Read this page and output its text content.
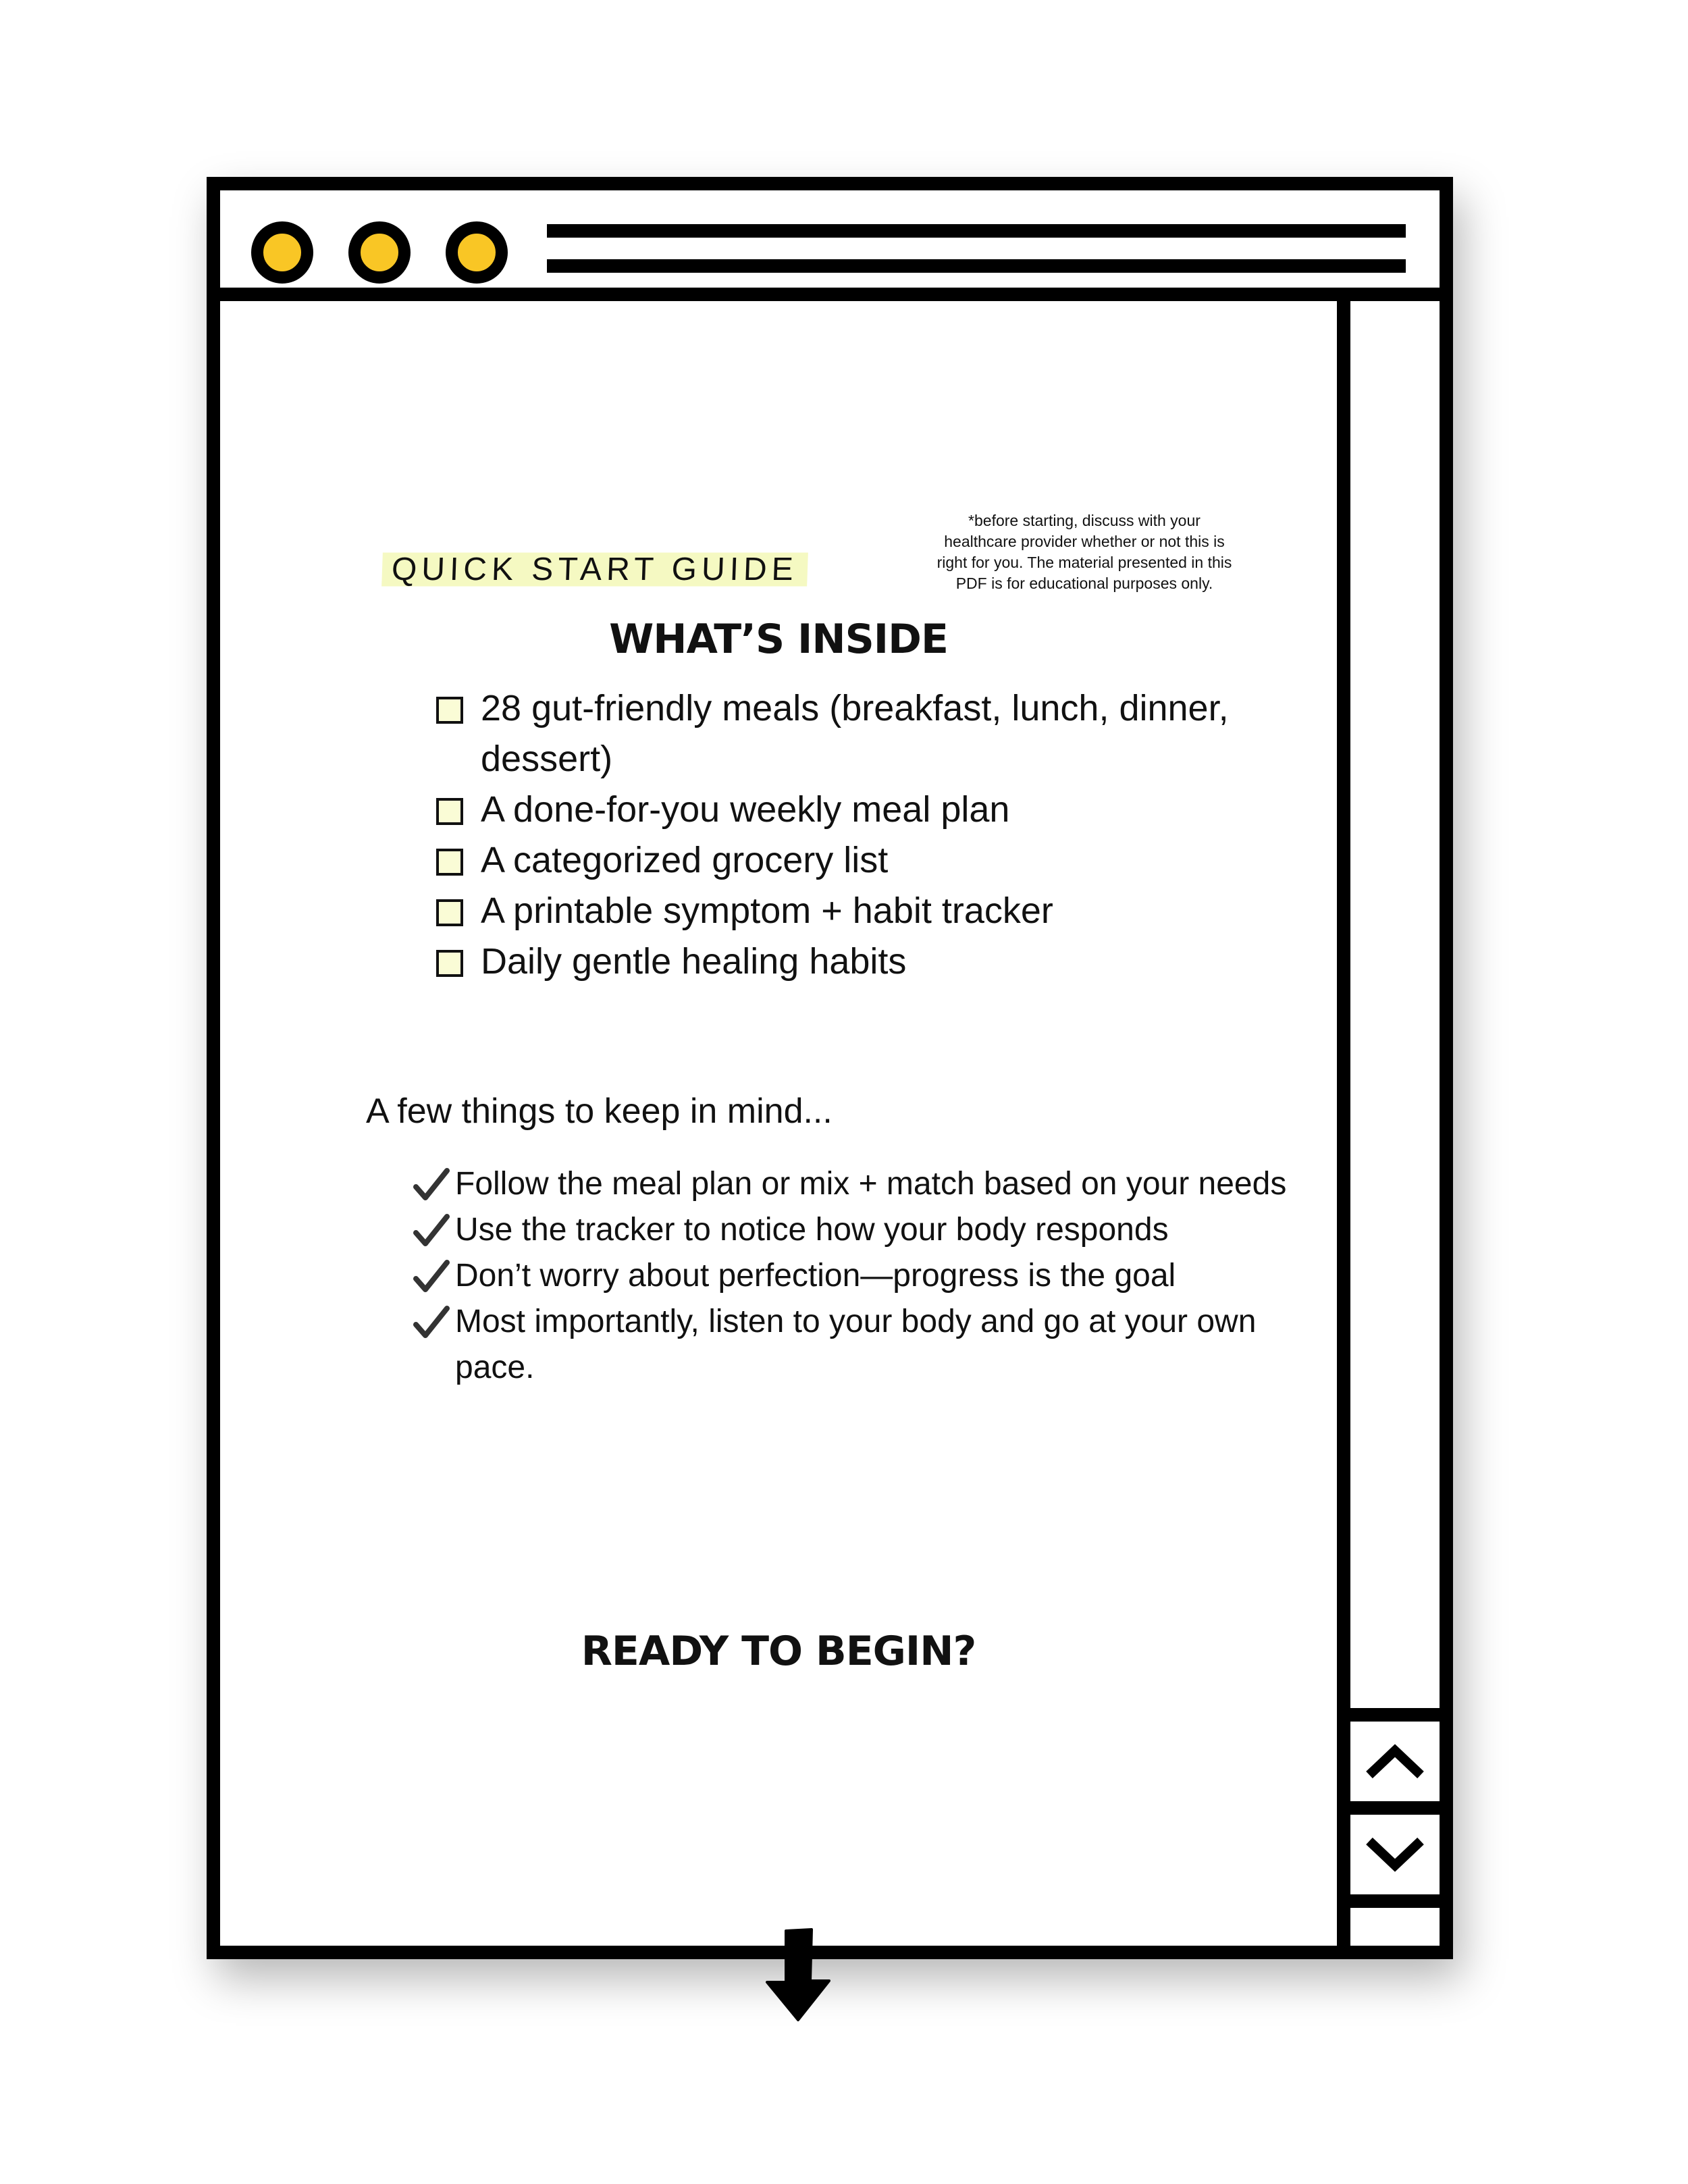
QUICK START GUIDE
*before starting, discuss with your healthcare provider whether or not this is right for you. The material presented in this PDF is for educational purposes only.
WHAT’S INSIDE
28 gut-friendly meals (breakfast, lunch, dinner, dessert)
A done-for-you weekly meal plan
A categorized grocery list
A printable symptom + habit tracker
Daily gentle healing habits
A few things to keep in mind...
Follow the meal plan or mix + match based on your needs
Use the tracker to notice how your body responds
Don’t worry about perfection—progress is the goal
Most importantly, listen to your body and go at your own pace.
READY TO BEGIN?
